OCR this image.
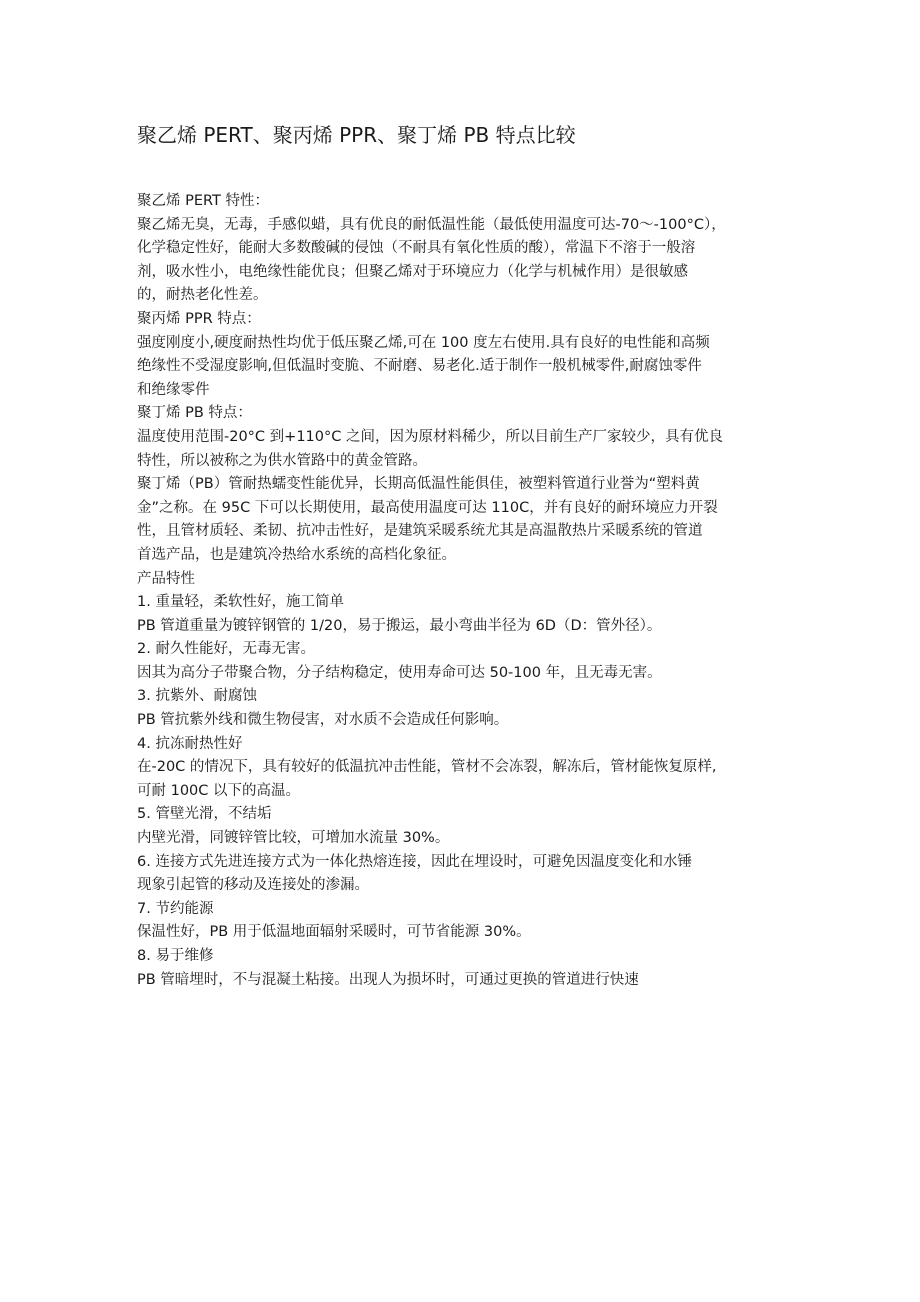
聚乙烯 PERT、聚丙烯 PPR、聚丁烯 PB 特点比较
聚乙烯 PERT 特性：
聚乙烯无臭，无毒，手感似蜡，具有优良的耐低温性能（最低使用温度可达-70～-100°C），
化学稳定性好，能耐大多数酸碱的侵蚀（不耐具有氧化性质的酸），常温下不溶于一般溶
剂，吸水性小，电绝缘性能优良；但聚乙烯对于环境应力（化学与机械作用）是很敏感
的，耐热老化性差。
聚丙烯 PPR 特点：
强度刚度小,硬度耐热性均优于低压聚乙烯,可在 100 度左右使用.具有良好的电性能和高频
绝缘性不受湿度影响,但低温时变脆、不耐磨、易老化.适于制作一般机械零件,耐腐蚀零件
和绝缘零件
聚丁烯 PB 特点：
温度使用范围-20°C 到+110°C 之间，因为原材料稀少，所以目前生产厂家较少，具有优良
特性，所以被称之为供水管路中的黄金管路。
聚丁烯（PB）管耐热蠕变性能优异，长期高低温性能俱佳，被塑料管道行业誉为“塑料黄
金”之称。在 95C 下可以长期使用，最高使用温度可达 110C，并有良好的耐环境应力开裂
性，且管材质轻、柔韧、抗冲击性好，是建筑采暖系统尤其是高温散热片采暖系统的管道
首选产品，也是建筑冷热给水系统的高档化象征。
产品特性
1. 重量轻，柔软性好，施工简单
PB 管道重量为镀锌钢管的 1/20，易于搬运，最小弯曲半径为 6D（D：管外径）。
2. 耐久性能好，无毒无害。
因其为高分子带聚合物，分子结构稳定，使用寿命可达 50-100 年，且无毒无害。
3. 抗紫外、耐腐蚀
PB 管抗紫外线和微生物侵害，对水质不会造成任何影响。
4. 抗冻耐热性好
在-20C 的情况下，具有较好的低温抗冲击性能，管材不会冻裂，解冻后，管材能恢复原样,
可耐 100C 以下的高温。
5. 管壁光滑，不结垢
内壁光滑，同镀锌管比较，可增加水流量 30%。
6. 连接方式先进连接方式为一体化热熔连接，因此在埋设时，可避免因温度变化和水锤
现象引起管的移动及连接处的渗漏。
7. 节约能源
保温性好，PB 用于低温地面辐射采暖时，可节省能源 30%。
8. 易于维修
PB 管暗埋时，不与混凝土粘接。出现人为损坏时，可通过更换的管道进行快速
